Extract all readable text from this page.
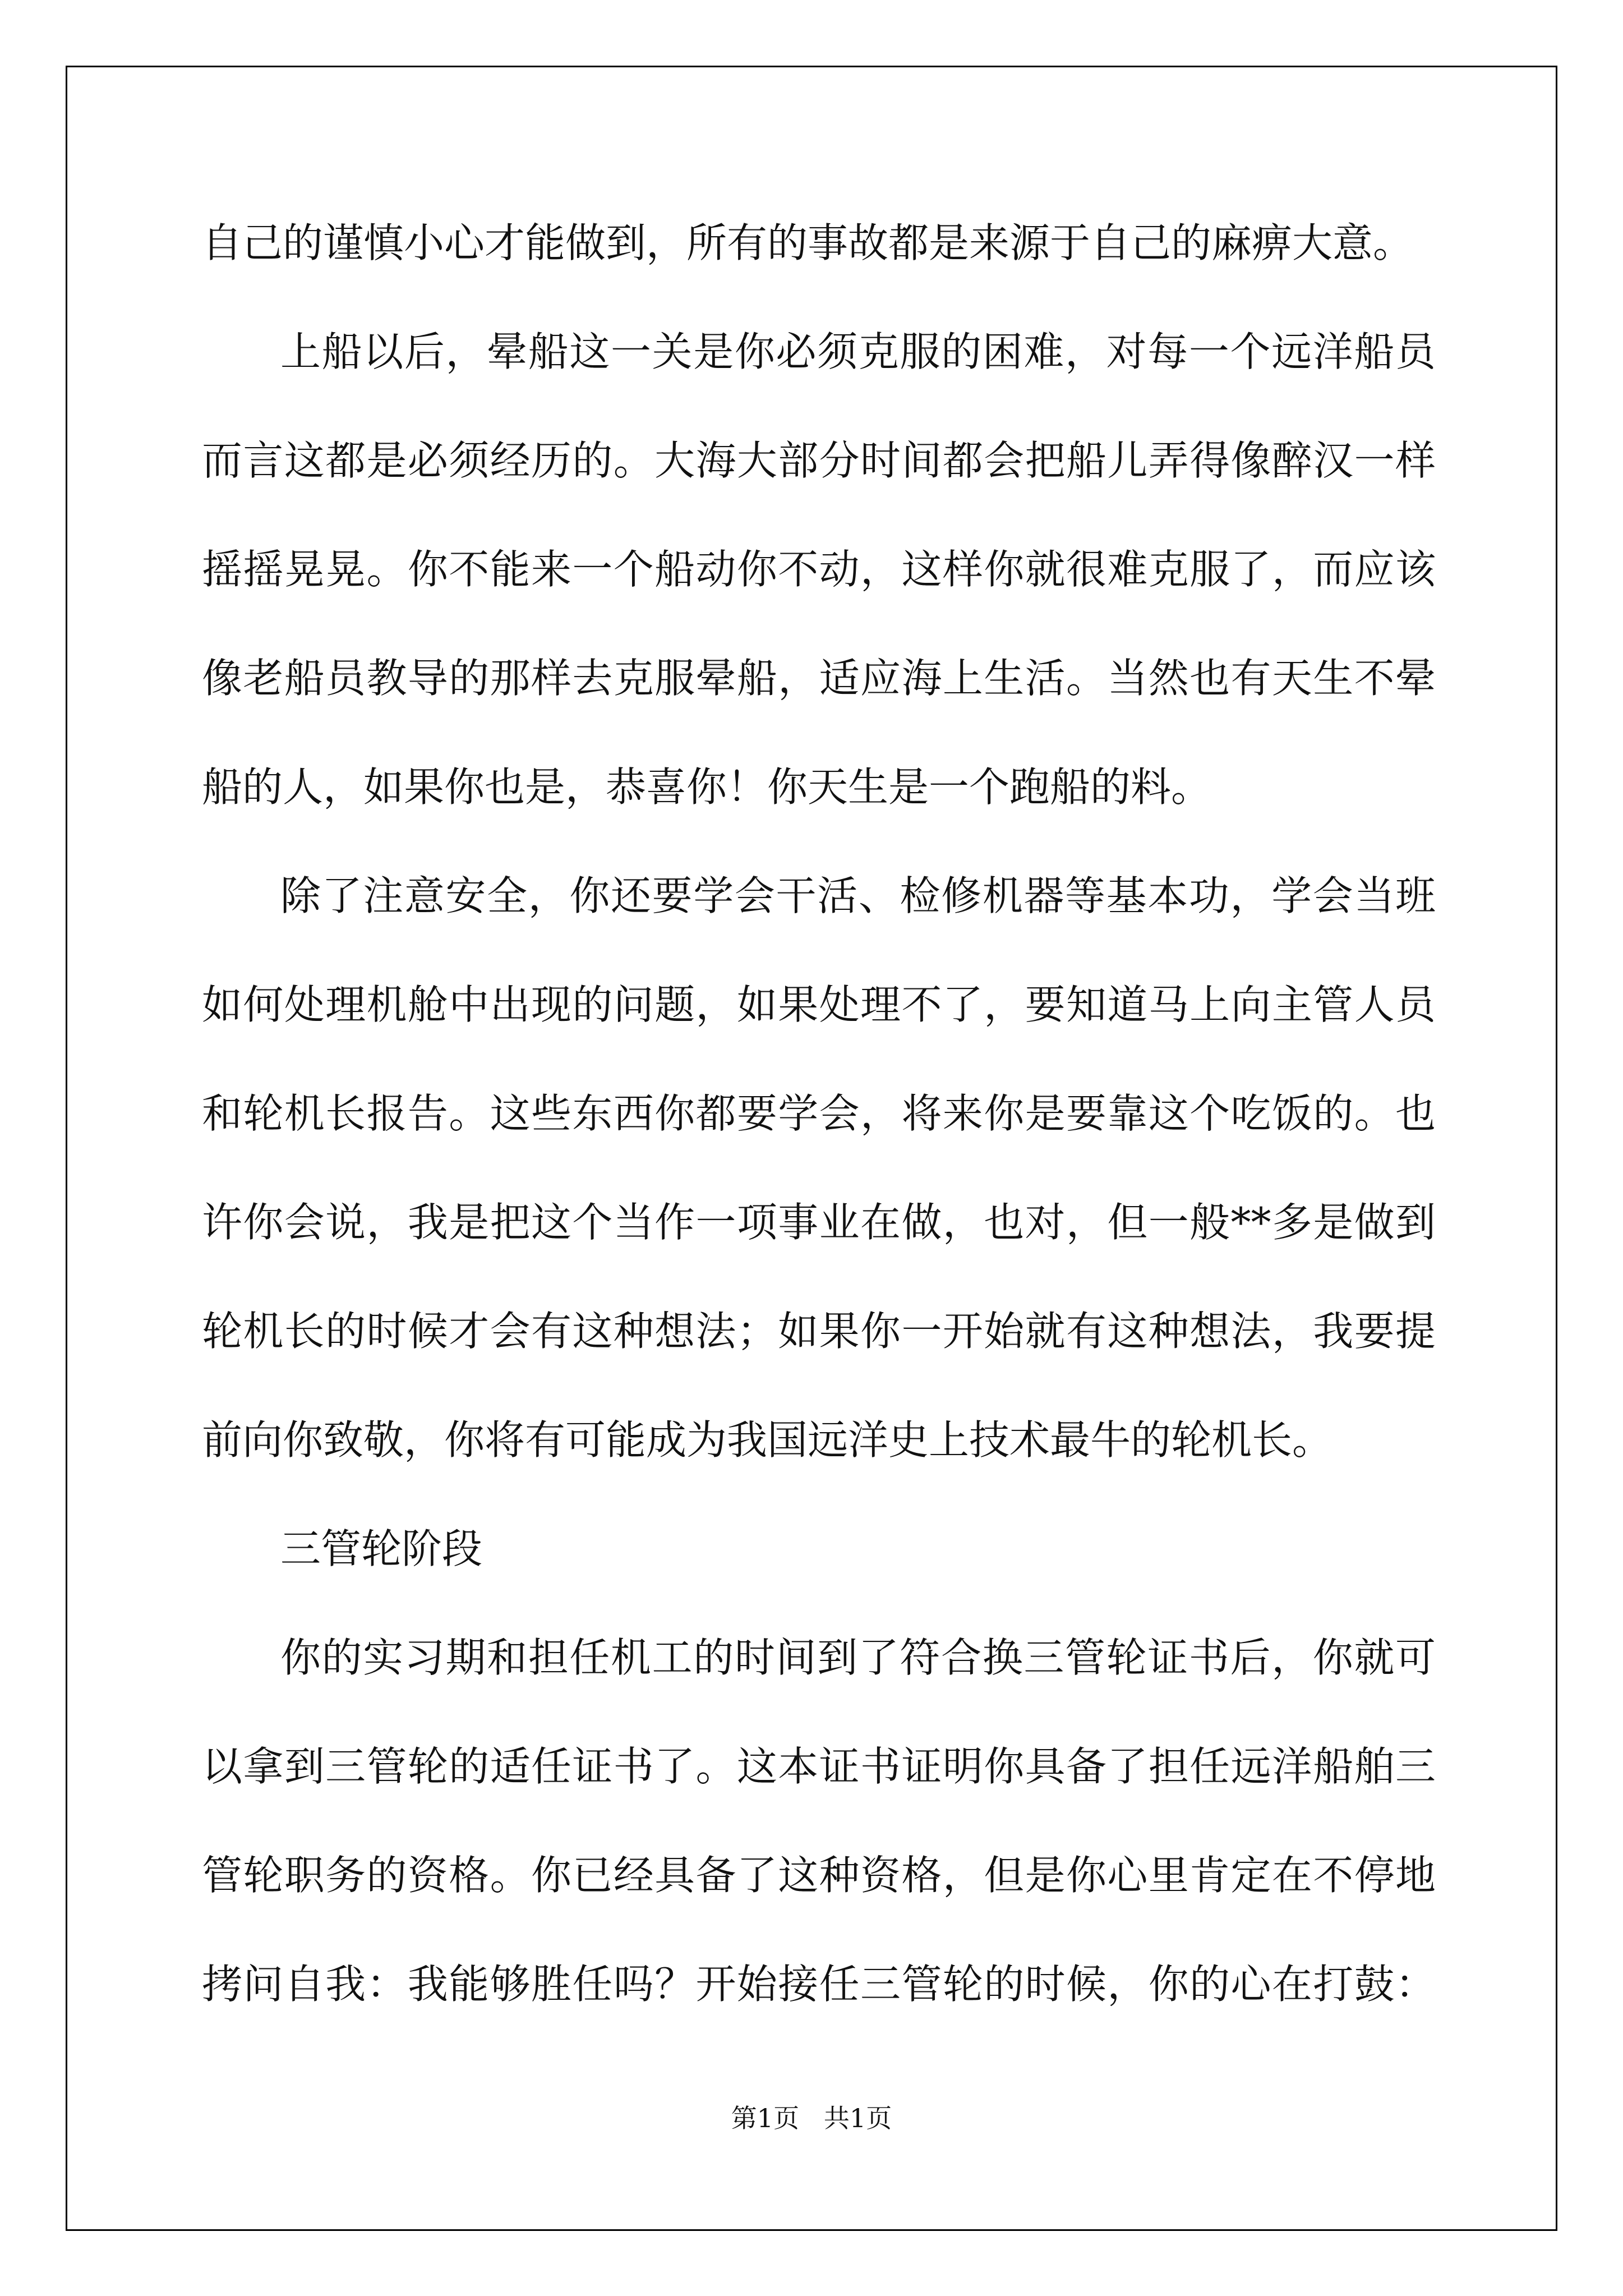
自己的谨慎小心才能做到，所有的事故都是来源于自己的麻痹大意。
上船以后，晕船这一关是你必须克服的困难，对每一个远洋船员
而言这都是必须经历的。大海大部分时间都会把船儿弄得像醉汉一样
摇摇晃晃。你不能来一个船动你不动，这样你就很难克服了，而应该
像老船员教导的那样去克服晕船，适应海上生活。当然也有天生不晕
船的人，如果你也是，恭喜你！你天生是一个跑船的料。
除了注意安全，你还要学会干活、检修机器等基本功，学会当班
如何处理机舱中出现的问题，如果处理不了，要知道马上向主管人员
和轮机长报告。这些东西你都要学会，将来你是要靠这个吃饭的。也
许你会说，我是把这个当作一项事业在做，也对，但一般**多是做到
轮机长的时候才会有这种想法；如果你一开始就有这种想法，我要提
前向你致敬，你将有可能成为我国远洋史上技术最牛的轮机长。
三管轮阶段
你的实习期和担任机工的时间到了符合换三管轮证书后，你就可
以拿到三管轮的适任证书了。这本证书证明你具备了担任远洋船舶三
管轮职务的资格。你已经具备了这种资格，但是你心里肯定在不停地
拷问自我：我能够胜任吗？开始接任三管轮的时候，你的心在打鼓：
第1页   共1页
